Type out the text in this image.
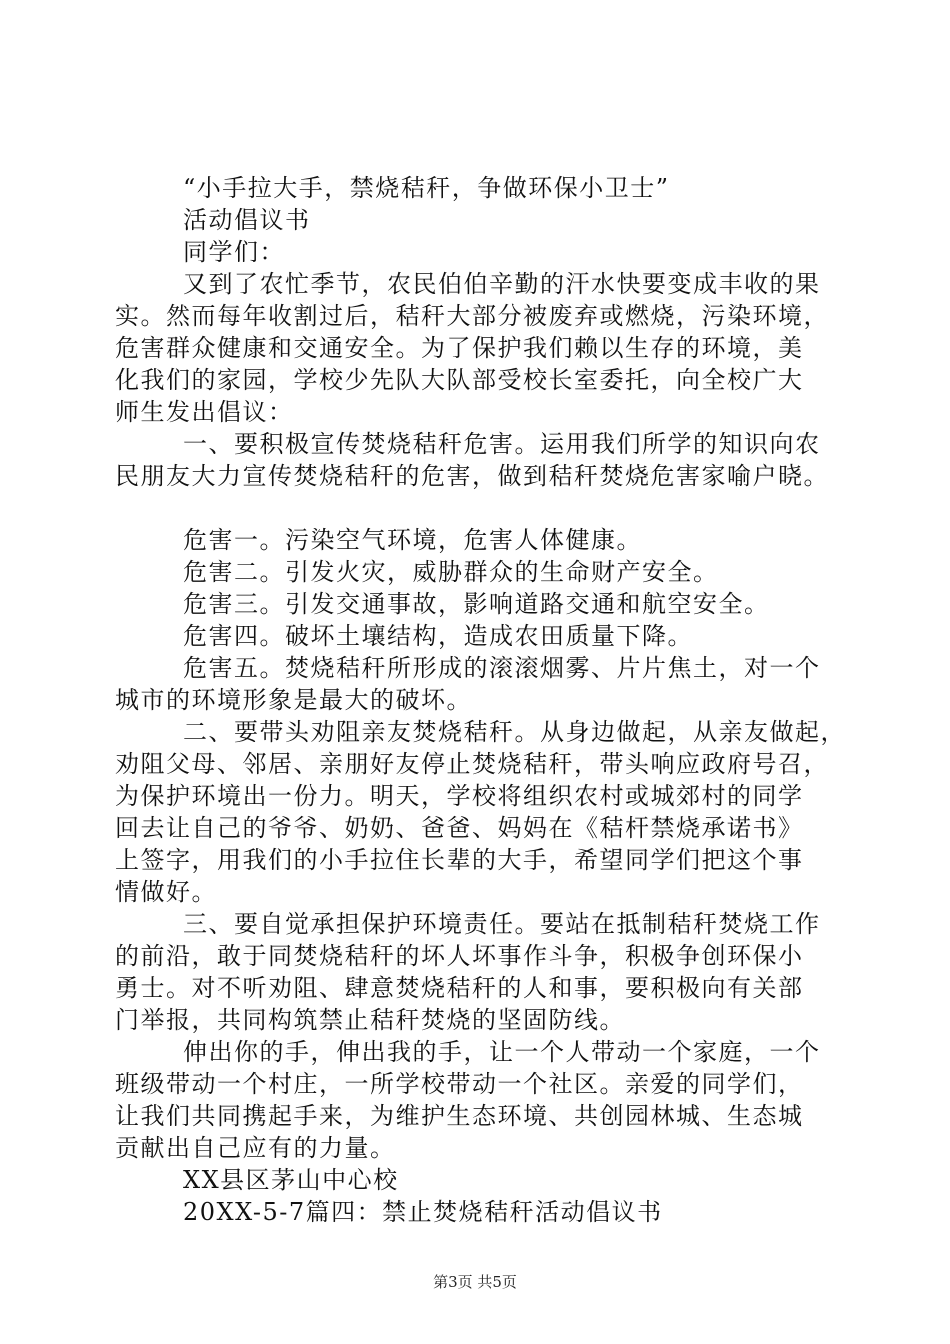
“小手拉大手，禁烧秸秆，争做环保小卫士”
活动倡议书
同学们：
又到了农忙季节，农民伯伯辛勤的汗水快要变成丰收的果
实。然而每年收割过后，秸秆大部分被废弃或燃烧，污染环境，
危害群众健康和交通安全。为了保护我们赖以生存的环境，美
化我们的家园，学校少先队大队部受校长室委托，向全校广大
师生发出倡议：
一、要积极宣传焚烧秸秆危害。运用我们所学的知识向农
民朋友大力宣传焚烧秸秆的危害，做到秸秆焚烧危害家喻户晓。
危害一。污染空气环境，危害人体健康。
危害二。引发火灾，威胁群众的生命财产安全。
危害三。引发交通事故，影响道路交通和航空安全。
危害四。破坏土壤结构，造成农田质量下降。
危害五。焚烧秸秆所形成的滚滚烟雾、片片焦土，对一个
城市的环境形象是最大的破坏。
二、要带头劝阻亲友焚烧秸秆。从身边做起，从亲友做起，
劝阻父母、邻居、亲朋好友停止焚烧秸秆，带头响应政府号召，
为保护环境出一份力。明天，学校将组织农村或城郊村的同学
回去让自己的爷爷、奶奶、爸爸、妈妈在《秸杆禁烧承诺书》
上签字，用我们的小手拉住长辈的大手，希望同学们把这个事
情做好。
三、要自觉承担保护环境责任。要站在抵制秸秆焚烧工作
的前沿，敢于同焚烧秸秆的坏人坏事作斗争，积极争创环保小
勇士。对不听劝阻、肆意焚烧秸秆的人和事，要积极向有关部
门举报，共同构筑禁止秸秆焚烧的坚固防线。
伸出你的手，伸出我的手，让一个人带动一个家庭，一个
班级带动一个村庄，一所学校带动一个社区。亲爱的同学们，
让我们共同携起手来，为维护生态环境、共创园林城、生态城
贡献出自己应有的力量。
XX县区茅山中心校
20XX-5-7篇四：禁止焚烧秸秆活动倡议书
第3页 共5页
